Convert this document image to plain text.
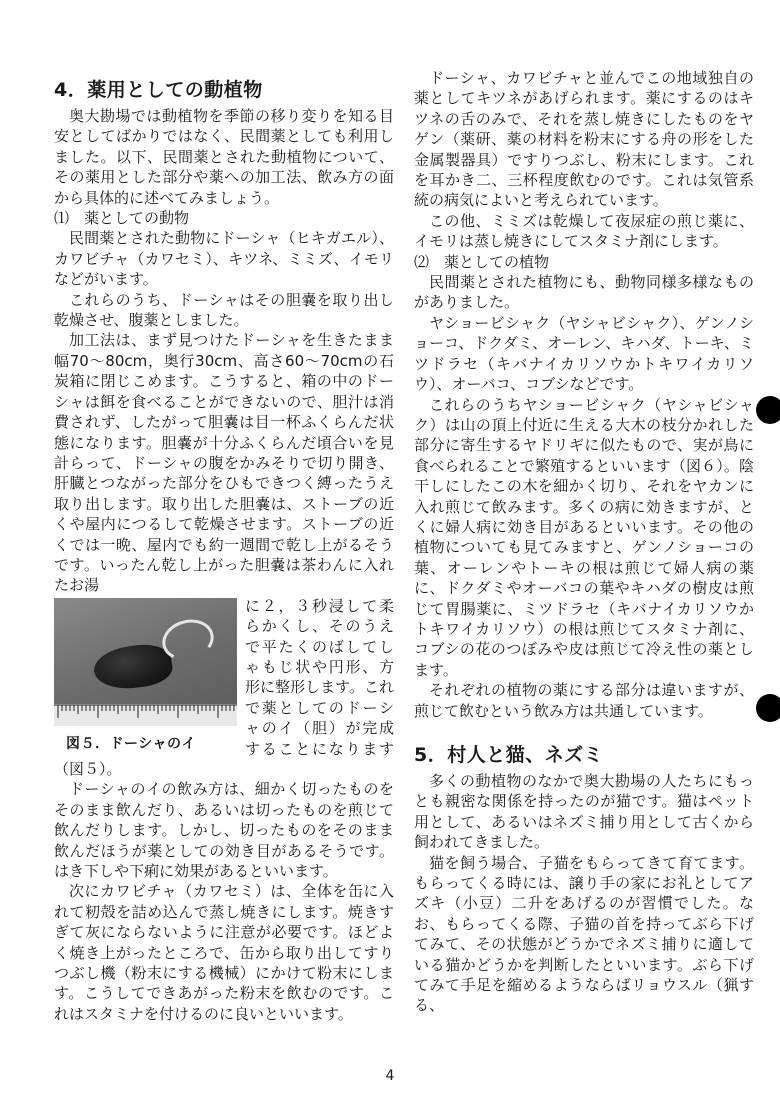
4．薬用としての動植物

奥大勘場では動植物を季節の移り変りを知る目安としてばかりではなく、民間薬としても利用しました。以下、民間薬とされた動植物について、その薬用とした部分や薬への加工法、飲み方の面から具体的に述べてみましょう。

⑴　薬としての動物

民間薬とされた動物にドーシャ（ヒキガエル）、カワビチャ（カワセミ）、キツネ、ミミズ、イモリなどがいます。

これらのうち、ドーシャはその胆嚢を取り出し乾燥させ、腹薬としました。

加工法は、まず見つけたドーシャを生きたまま幅70～80cm，奥行30cm、高さ60～70cmの石炭箱に閉じこめます。こうすると、箱の中のドーシャは餌を食べることができないので、胆汁は消費されず、したがって胆嚢は目一杯ふくらんだ状態になります。胆嚢が十分ふくらんだ頃合いを見計らって、ドーシャの腹をかみそりで切り開き、肝臓とつながった部分をひもできつく縛ったうえ取り出します。取り出した胆嚢は、ストーブの近くや屋内につるして乾燥させます。ストーブの近くでは一晩、屋内でも約一週間で乾し上がるそうです。いったん乾し上がった胆嚢は茶わんに入れたお湯

図５．ドーシャのイ

に２，３秒浸して柔らかくし、そのうえで平たくのばしてしゃもじ状や円形、方形に整形します。これで薬としてのドーシャのイ（胆）が完成することになります（図５）。

ドーシャのイの飲み方は、細かく切ったものをそのまま飲んだり、あるいは切ったものを煎じて飲んだりします。しかし、切ったものをそのまま飲んだほうが薬としての効き目があるそうです。はき下しや下痢に効果があるといいます。

次にカワビチャ（カワセミ）は、全体を缶に入れて籾殻を詰め込んで蒸し焼きにします。焼きすぎて灰にならないように注意が必要です。ほどよく焼き上がったところで、缶から取り出してすりつぶし機（粉末にする機械）にかけて粉末にします。こうしてできあがった粉末を飲むのです。これはスタミナを付けるのに良いといいます。

ドーシャ、カワビチャと並んでこの地域独自の薬としてキツネがあげられます。薬にするのはキツネの舌のみで、それを蒸し焼きにしたものをヤゲン（薬研、薬の材料を粉末にする舟の形をした金属製器具）ですりつぶし、粉末にします。これを耳かき二、三杯程度飲むのです。これは気管系統の病気によいと考えられています。

この他、ミミズは乾燥して夜尿症の煎じ薬に、イモリは蒸し焼きにしてスタミナ剤にします。

⑵　薬としての植物

民間薬とされた植物にも、動物同様多様なものがありました。

ヤショービシャク（ヤシャビシャク）、ゲンノショーコ、ドクダミ、オーレン、キハダ、トーキ、ミツドラセ（キバナイカリソウかトキワイカリソウ）、オーバコ、コブシなどです。

これらのうちヤショービシャク（ヤシャビシャク）は山の頂上付近に生える大木の枝分かれした部分に寄生するヤドリギに似たもので、実が鳥に食べられることで繁殖するといいます（図６）。陰干しにしたこの木を細かく切り、それをヤカンに入れ煎じて飲みます。多くの病に効きますが、とくに婦人病に効き目があるといいます。その他の植物についても見てみますと、ゲンノショーコの葉、オーレンやトーキの根は煎じて婦人病の薬に、ドクダミやオーバコの葉やキハダの樹皮は煎じて胃腸薬に、ミツドラセ（キバナイカリソウかトキワイカリソウ）の根は煎じてスタミナ剤に、コブシの花のつぼみや皮は煎じて冷え性の薬とします。

それぞれの植物の薬にする部分は違いますが、煎じて飲むという飲み方は共通しています。

5．村人と猫、ネズミ

多くの動植物のなかで奥大勘場の人たちにもっとも親密な関係を持ったのが猫です。猫はペット用として、あるいはネズミ捕り用として古くから飼われてきました。

猫を飼う場合、子猫をもらってきて育てます。もらってくる時には、譲り手の家にお礼としてアズキ（小豆）二升をあげるのが習慣でした。なお、もらってくる際、子猫の首を持ってぶら下げてみて、その状態がどうかでネズミ捕りに適している猫かどうかを判断したといいます。ぶら下げてみて手足を縮めるようならばリョウスル（猟する、

4
